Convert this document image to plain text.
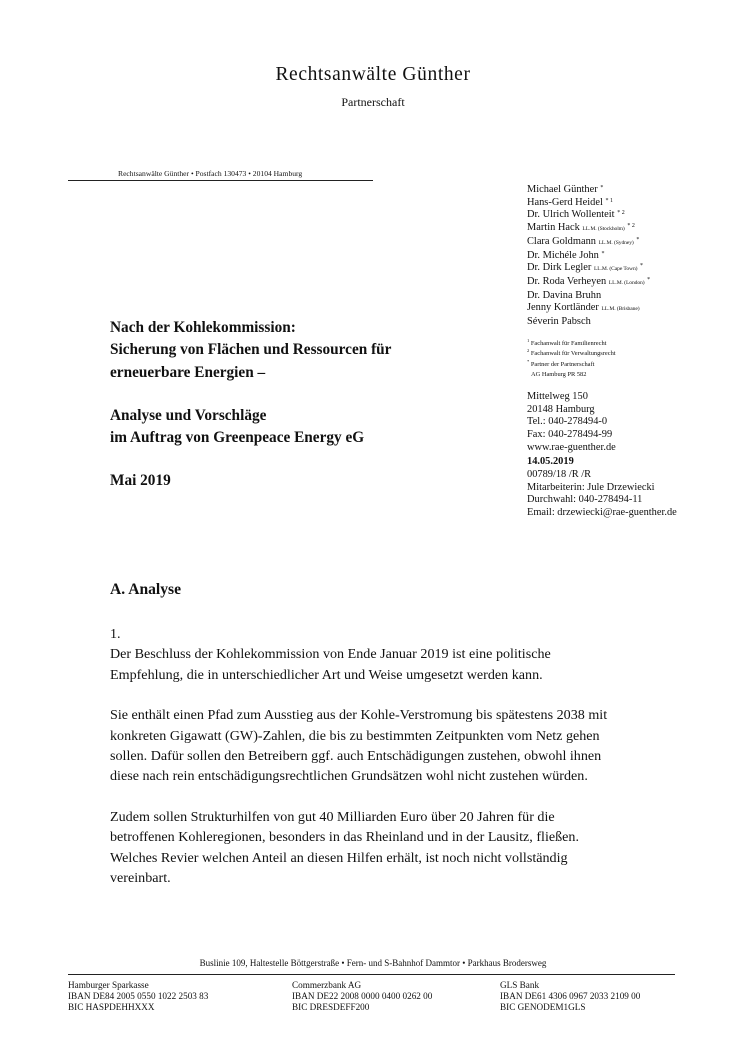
Rechtsanwälte Günther
Partnerschaft
Rechtsanwälte Günther • Postfach 130473 • 20104 Hamburg
Michael Günther *
Hans-Gerd Heidel $^{* 1}$
Dr. Ulrich Wollenteit $^{* 2}$
Martin Hack LL.M. (Stockholm) $^{* 2}$
Clara Goldmann LL.M. (Sydney) *
Dr. Michéle John *
Dr. Dirk Legler LL.M. (Cape Town) *
Dr. Roda Verheyen LL.M. (London) *
Dr. Davina Bruhn
Jenny Kortländer LL.M. (Brisbane)
Séverin Pabsch
$^1$ Fachanwalt für Familienrecht
$^2$ Fachanwalt für Verwaltungsrecht
* Partner der Partnerschaft
AG Hamburg PR 582
Mittelweg 150
20148 Hamburg
Tel.: 040-278494-0
Fax: 040-278494-99
www.rae-guenther.de
14.05.2019
00789/18 /R /R
Mitarbeiterin: Jule Drzewiecki
Durchwahl: 040-278494-11
Email: drzewiecki@rae-guenther.de
Nach der Kohlekommission:
Sicherung von Flächen und Ressourcen für
erneuerbare Energien –
Analyse und Vorschläge
im Auftrag von Greenpeace Energy eG
Mai 2019
A. Analyse

1.

Der Beschluss der Kohlekommission von Ende Januar 2019 ist eine politische Empfehlung, die in unterschiedlicher Art und Weise umgesetzt werden kann.

Sie enthält einen Pfad zum Ausstieg aus der Kohle-Verstromung bis spätestens 2038 mit konkreten Gigawatt (GW)-Zahlen, die bis zu bestimmten Zeitpunkten vom Netz gehen sollen. Dafür sollen den Betreibern ggf. auch Entschädigungen zustehen, obwohl ihnen diese nach rein entschädigungsrechtlichen Grundsätzen wohl nicht zustehen würden.

Zudem sollen Strukturhilfen von gut 40 Milliarden Euro über 20 Jahren für die betroffenen Kohleregionen, besonders in das Rheinland und in der Lausitz, fließen. Welches Revier welchen Anteil an diesen Hilfen erhält, ist noch nicht vollständig vereinbart.

Buslinie 109, Haltestelle Böttgerstraße • Fern- und S-Bahnhof Dammtor • Parkhaus Brodersweg
Hamburger Sparkasse
IBAN DE84 2005 0550 1022 2503 83
BIC HASPDEHHXXX
Commerzbank AG
IBAN DE22 2008 0000 0400 0262 00
BIC DRESDEFF200
GLS Bank
IBAN DE61 4306 0967 2033 2109 00
BIC GENODEM1GLS
